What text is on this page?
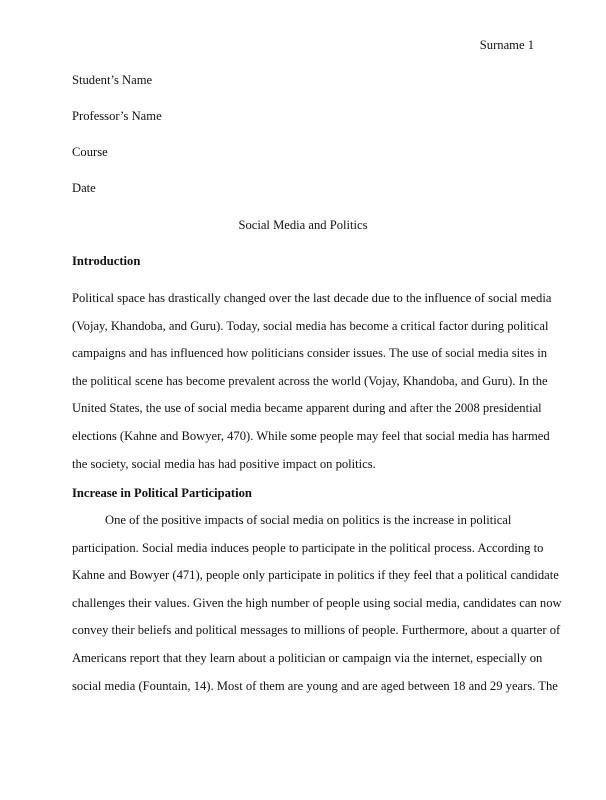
Surname 1
Student’s Name
Professor’s Name
Course
Date
Social Media and Politics
Introduction
Political space has drastically changed over the last decade due to the influence of social media
(Vojay, Khandoba, and Guru). Today, social media has become a critical factor during political
campaigns and has influenced how politicians consider issues. The use of social media sites in
the political scene has become prevalent across the world (Vojay, Khandoba, and Guru). In the
United States, the use of social media became apparent during and after the 2008 presidential
elections (Kahne and Bowyer, 470). While some people may feel that social media has harmed
the society, social media has had positive impact on politics.
Increase in Political Participation
One of the positive impacts of social media on politics is the increase in political
participation. Social media induces people to participate in the political process. According to
Kahne and Bowyer (471), people only participate in politics if they feel that a political candidate
challenges their values. Given the high number of people using social media, candidates can now
convey their beliefs and political messages to millions of people. Furthermore, about a quarter of
Americans report that they learn about a politician or campaign via the internet, especially on
social media (Fountain, 14). Most of them are young and are aged between 18 and 29 years. The
